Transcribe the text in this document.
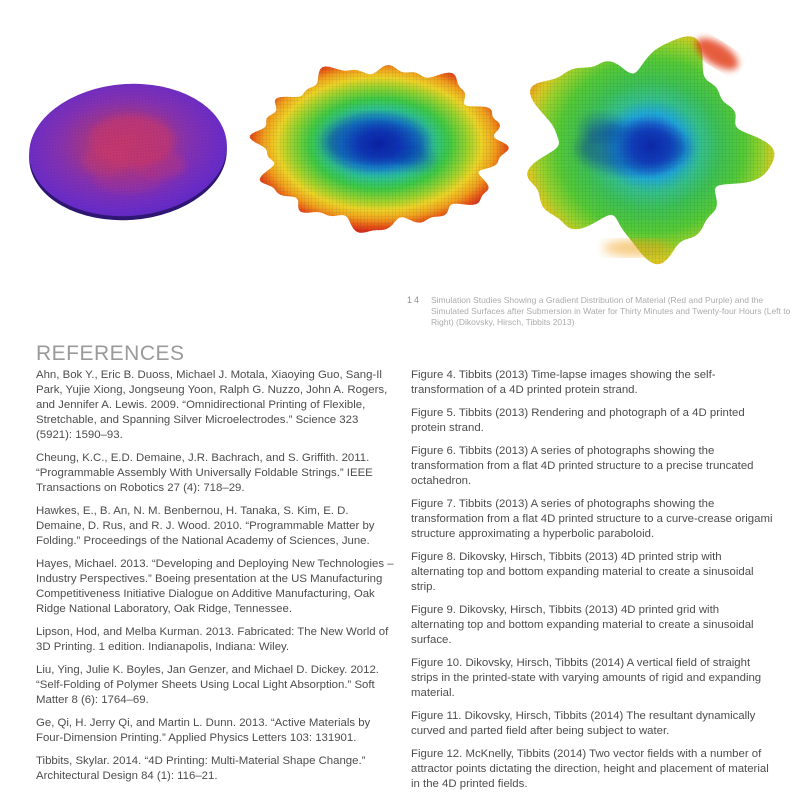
14	Simulation Studies Showing a Gradient Distribution of Material (Red and Purple) and the Simulated Surfaces after Submersion in Water for Thirty Minutes and Twenty-four Hours (Left to Right) (Dikovsky, Hirsch, Tibbits 2013)
REFERENCES

Ahn, Bok Y., Eric B. Duoss, Michael J. Motala, Xiaoying Guo, Sang-Il Park, Yujie Xiong, Jongseung Yoon, Ralph G. Nuzzo, John A. Rogers, and Jennifer A. Lewis. 2009. “Omnidirectional Printing of Flexible, Stretchable, and Spanning Silver Microelectrodes.” Science 323 (5921): 1590–93.

Cheung, K.C., E.D. Demaine, J.R. Bachrach, and S. Griffith. 2011. “Programmable Assembly With Universally Foldable Strings.” IEEE Transactions on Robotics 27 (4): 718–29.

Hawkes, E., B. An, N. M. Benbernou, H. Tanaka, S. Kim, E. D. Demaine, D. Rus, and R. J. Wood. 2010. “Programmable Matter by Folding.” Proceedings of the National Academy of Sciences, June.

Hayes, Michael. 2013. “Developing and Deploying New Technologies – Industry Perspectives.” Boeing presentation at the US Manufacturing Competitiveness Initiative Dialogue on Additive Manufacturing, Oak Ridge National Laboratory, Oak Ridge, Tennessee.

Lipson, Hod, and Melba Kurman. 2013. Fabricated: The New World of 3D Printing. 1 edition. Indianapolis, Indiana: Wiley.

Liu, Ying, Julie K. Boyles, Jan Genzer, and Michael D. Dickey. 2012. “Self-Folding of Polymer Sheets Using Local Light Absorption.” Soft Matter 8 (6): 1764–69.

Ge, Qi, H. Jerry Qi, and Martin L. Dunn. 2013. “Active Materials by Four-Dimension Printing.” Applied Physics Letters 103: 131901.

Tibbits, Skylar. 2014. “4D Printing: Multi-Material Shape Change.” Architectural Design 84 (1): 116–21.

Figure 4. Tibbits (2013) Time-lapse images showing the self-transformation of a 4D printed protein strand.

Figure 5. Tibbits (2013) Rendering and photograph of a 4D printed protein strand.

Figure 6. Tibbits (2013) A series of photographs showing the transformation from a flat 4D printed structure to a precise truncated octahedron.

Figure 7. Tibbits (2013) A series of photographs showing the transformation from a flat 4D printed structure to a curve-crease origami structure approximating a hyperbolic paraboloid.

Figure 8. Dikovsky, Hirsch, Tibbits (2013) 4D printed strip with alternating top and bottom expanding material to create a sinusoidal strip.

Figure 9. Dikovsky, Hirsch, Tibbits (2013) 4D printed grid with alternating top and bottom expanding material to create a sinusoidal surface.

Figure 10. Dikovsky, Hirsch, Tibbits (2014) A vertical field of straight strips in the printed-state with varying amounts of rigid and expanding material.

Figure 11. Dikovsky, Hirsch, Tibbits (2014) The resultant dynamically curved and parted field after being subject to water.

Figure 12. McKnelly, Tibbits (2014) Two vector fields with a number of attractor points dictating the direction, height and placement of material in the 4D printed fields.
